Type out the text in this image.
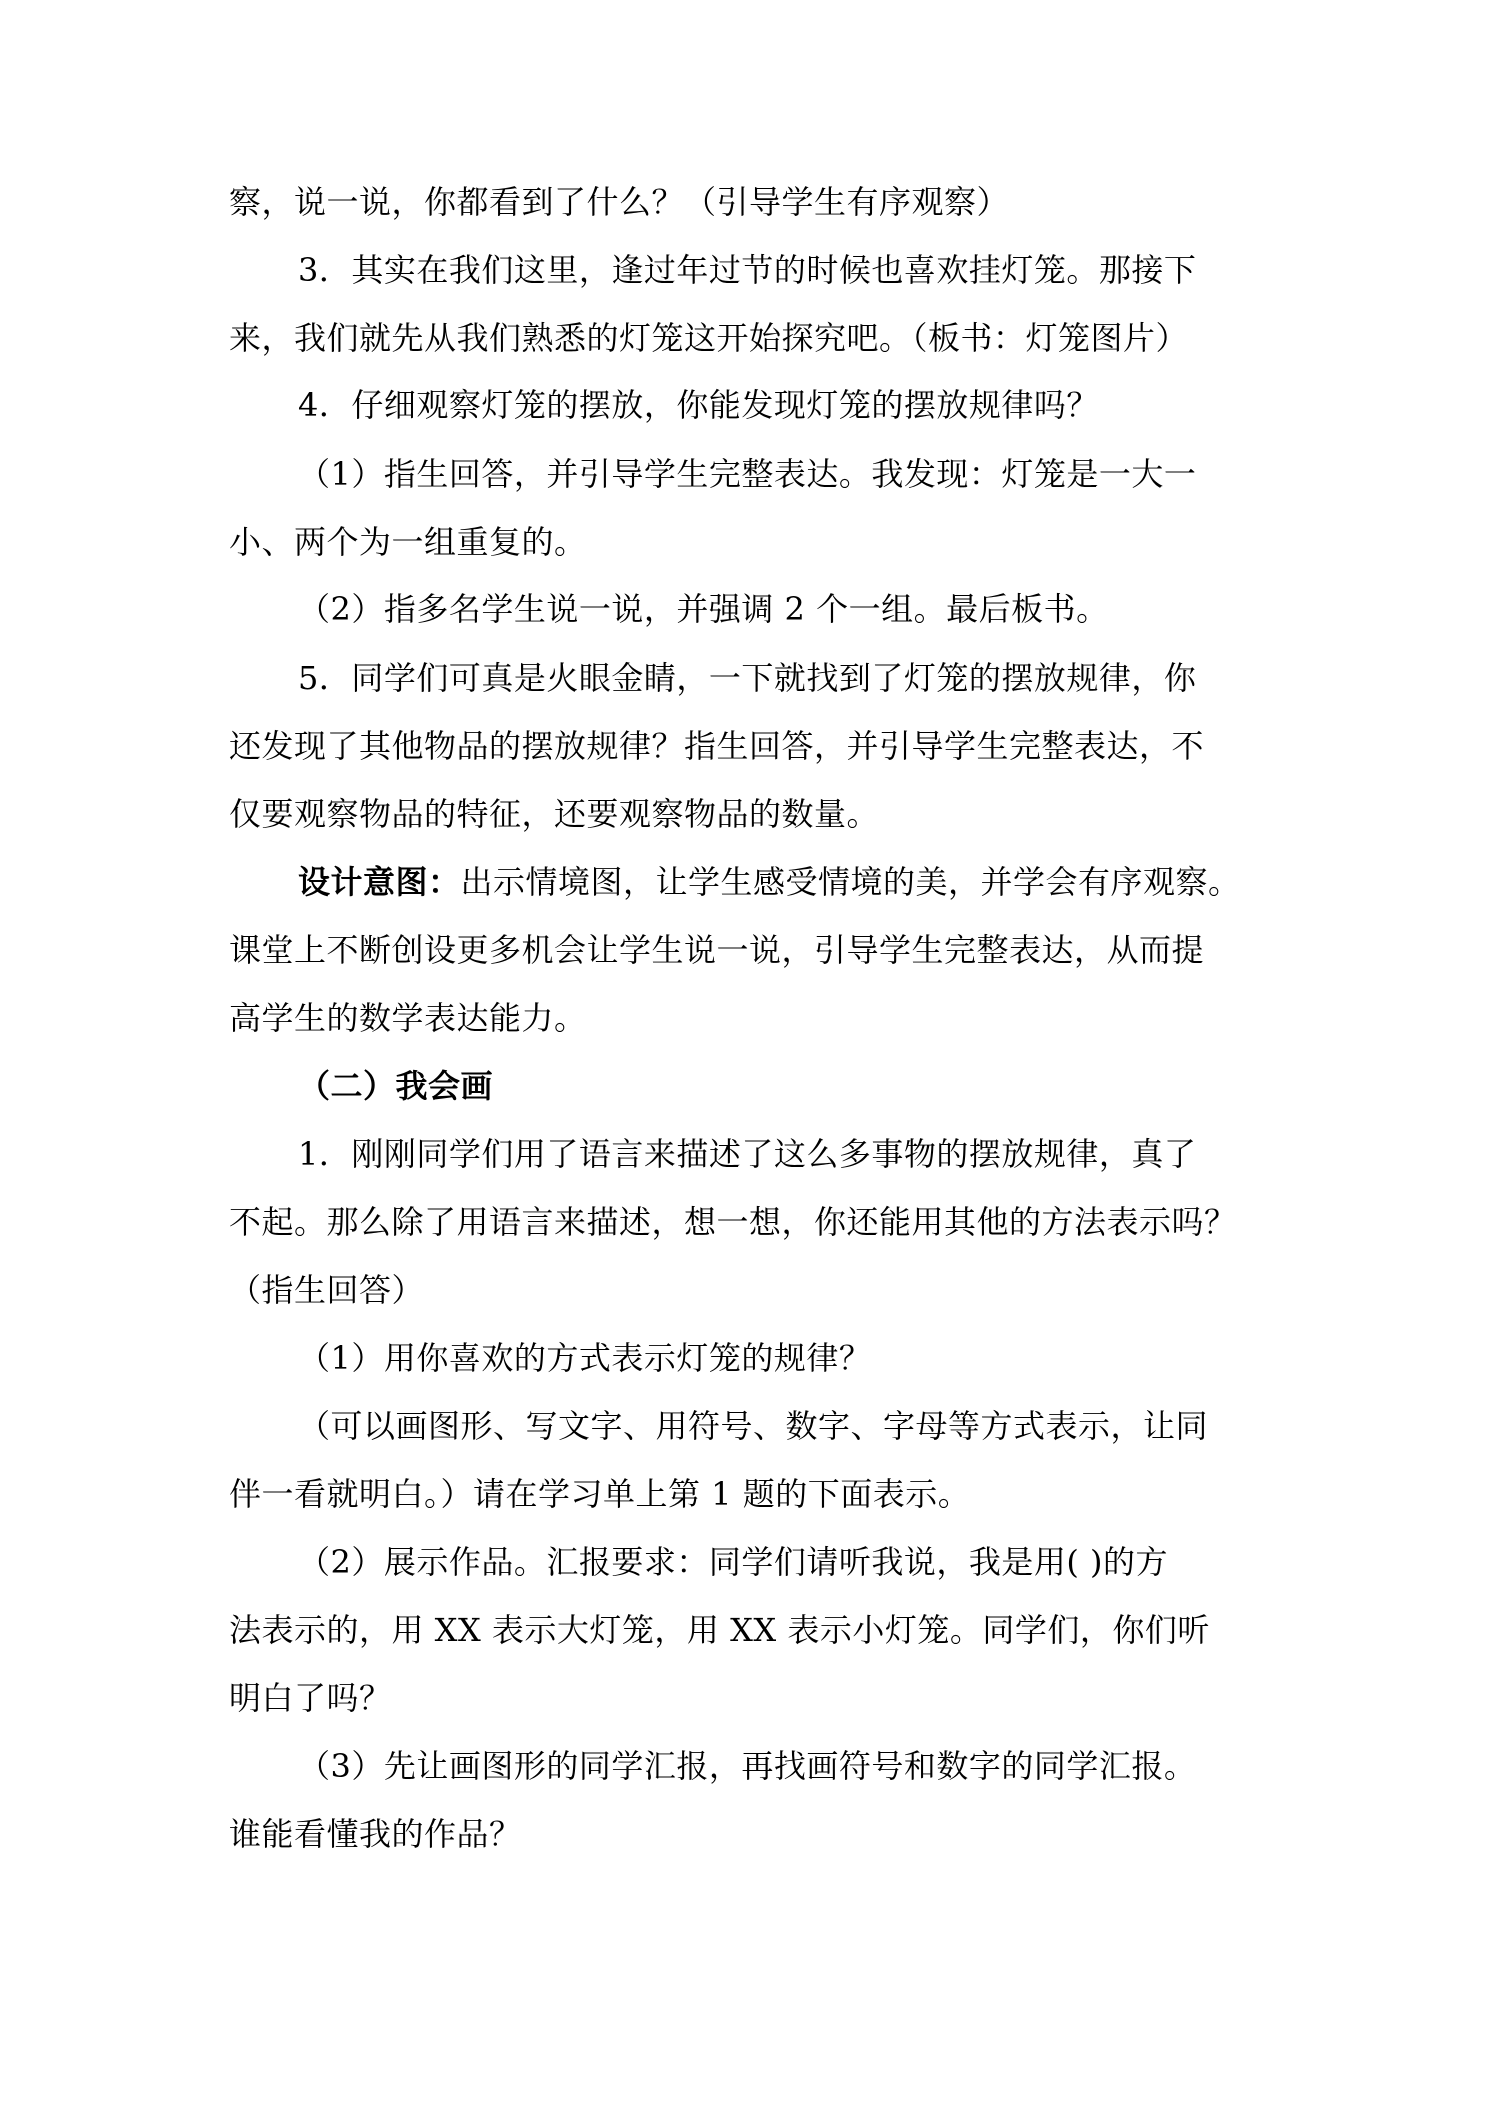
察，说一说，你都看到了什么？（引导学生有序观察）
3．其实在我们这里，逢过年过节的时候也喜欢挂灯笼。那接下
来，我们就先从我们熟悉的灯笼这开始探究吧。（板书：灯笼图片）
4．仔细观察灯笼的摆放，你能发现灯笼的摆放规律吗？
（1）指生回答，并引导学生完整表达。我发现：灯笼是一大一
小、两个为一组重复的。
（2）指多名学生说一说，并强调 2 个一组。最后板书。
5．同学们可真是火眼金睛，一下就找到了灯笼的摆放规律，你
还发现了其他物品的摆放规律？指生回答，并引导学生完整表达，不
仅要观察物品的特征，还要观察物品的数量。
设计意图：出示情境图，让学生感受情境的美，并学会有序观察。
课堂上不断创设更多机会让学生说一说，引导学生完整表达，从而提
高学生的数学表达能力。
（二）我会画
1．刚刚同学们用了语言来描述了这么多事物的摆放规律，真了
不起。那么除了用语言来描述，想一想，你还能用其他的方法表示吗？
（指生回答）
（1）用你喜欢的方式表示灯笼的规律？
（可以画图形、写文字、用符号、数字、字母等方式表示，让同
伴一看就明白。）请在学习单上第 1 题的下面表示。
（2）展示作品。汇报要求：同学们请听我说，我是用( )的方
法表示的，用 XX 表示大灯笼，用 XX 表示小灯笼。同学们，你们听
明白了吗？
（3）先让画图形的同学汇报，再找画符号和数字的同学汇报。
谁能看懂我的作品？
